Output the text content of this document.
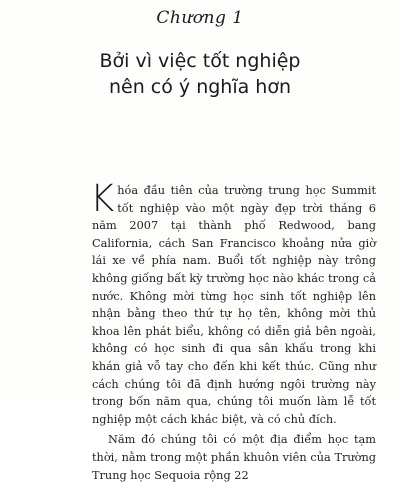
Chương 1
Bởi vì việc tốt nghiệp
nên có ý nghĩa hơn

Khóa đầu tiên của trường trung học Summit tốt nghiệp vào một ngày đẹp trời tháng 6 năm 2007 tại thành phố Redwood, bang California, cách San Francisco khoảng nửa giờ lái xe về phía nam. Buổi tốt nghiệp này trông không giống bất kỳ trường học nào khác trong cả nước. Không mời từng học sinh tốt nghiệp lên nhận bằng theo thứ tự họ tên, không mời thủ khoa lên phát biểu, không có diễn giả bên ngoài, không có học sinh đi qua sân khấu trong khi khán giả vỗ tay cho đến khi kết thúc. Cũng như cách chúng tôi đã định hướng ngôi trường này trong bốn năm qua, chúng tôi muốn làm lễ tốt nghiệp một cách khác biệt, và có chủ đích.

Năm đó chúng tôi có một địa điểm học tạm thời, nằm trong một phần khuôn viên của Trường Trung học Sequoia rộng 22
